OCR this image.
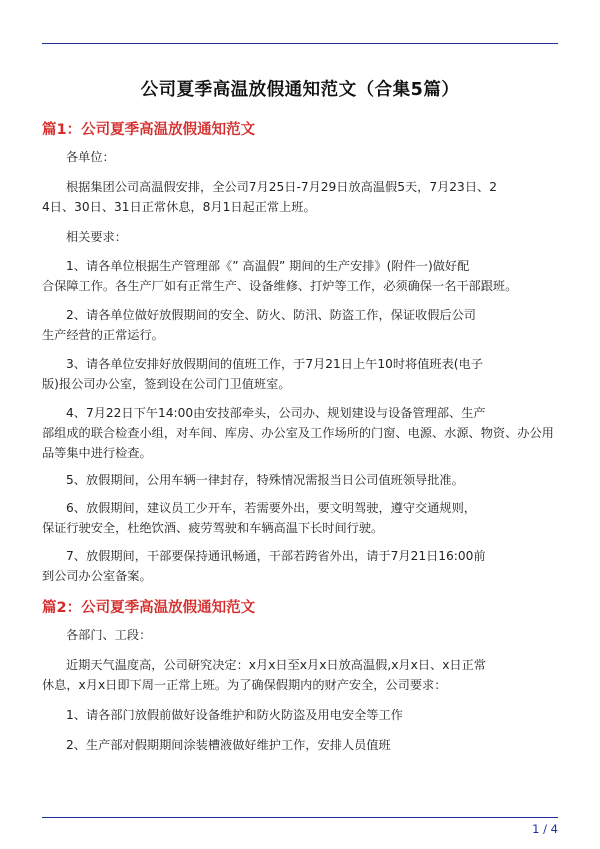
公司夏季高温放假通知范文（合集5篇）
篇1：公司夏季高温放假通知范文
各单位：
根据集团公司高温假安排，全公司7月25日-7月29日放高温假5天，7月23日、2
4日、30日、31日正常休息，8月1日起正常上班。
相关要求：
1、请各单位根据生产管理部《” 高温假” 期间的生产安排》(附件一)做好配
合保障工作。各生产厂如有正常生产、设备维修、打炉等工作，必须确保一名干部跟班。
2、请各单位做好放假期间的安全、防火、防汛、防盗工作，保证收假后公司
生产经营的正常运行。
3、请各单位安排好放假期间的值班工作，于7月21日上午10时将值班表(电子
版)报公司办公室，签到设在公司门卫值班室。
4、7月22日下午14:00由安技部牵头，公司办、规划建设与设备管理部、生产
部组成的联合检查小组，对车间、库房、办公室及工作场所的门窗、电源、水源、物资、办公用
品等集中进行检查。
5、放假期间，公用车辆一律封存，特殊情况需报当日公司值班领导批准。
6、放假期间，建议员工少开车，若需要外出，要文明驾驶，遵守交通规则，
保证行驶安全，杜绝饮酒、疲劳驾驶和车辆高温下长时间行驶。
7、放假期间，干部要保持通讯畅通，干部若跨省外出，请于7月21日16:00前
到公司办公室备案。
篇2：公司夏季高温放假通知范文
各部门、工段：
近期天气温度高，公司研究决定：x月x日至x月x日放高温假,x月x日、x日正常
休息，x月x日即下周一正常上班。为了确保假期内的财产安全，公司要求：
1、请各部门放假前做好设备维护和防火防盗及用电安全等工作
2、生产部对假期期间涂装槽液做好维护工作，安排人员值班
1 / 4
